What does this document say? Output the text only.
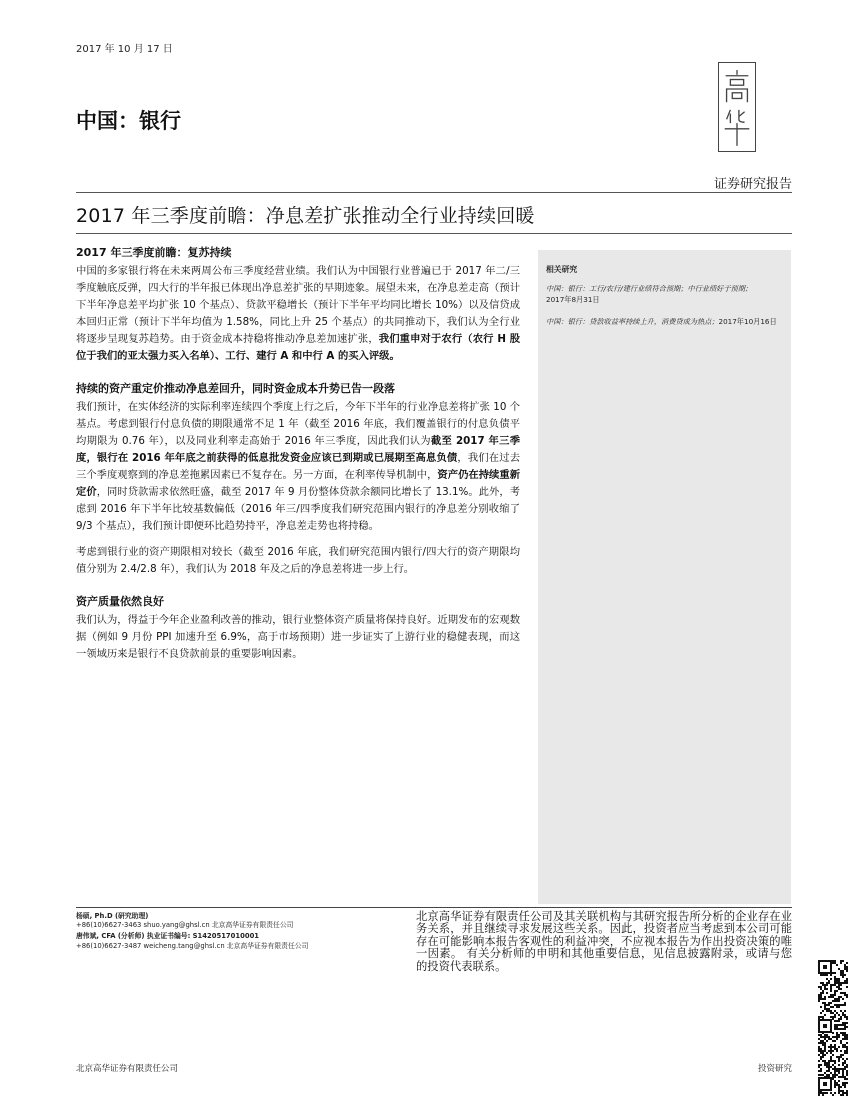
2017 年 10 月 17 日
中国：银行
证券研究报告
2017 年三季度前瞻：净息差扩张推动全行业持续回暖
2017 年三季度前瞻：复苏持续

中国的多家银行将在未来两周公布三季度经营业绩。我们认为中国银行业普遍已于 2017 年二/三季度触底反弹，四大行的半年报已体现出净息差扩张的早期迹象。展望未来，在净息差走高（预计下半年净息差平均扩张 10 个基点）、贷款平稳增长（预计下半年平均同比增长 10%）以及信贷成本回归正常（预计下半年均值为 1.58%，同比上升 25 个基点）的共同推动下，我们认为全行业将逐步呈现复苏趋势。由于资金成本持稳将推动净息差加速扩张，我们重申对于农行（农行 H 股位于我们的亚太强力买入名单）、工行、建行 A 和中行 A 的买入评级。

持续的资产重定价推动净息差回升，同时资金成本升势已告一段落

我们预计，在实体经济的实际利率连续四个季度上行之后，今年下半年的行业净息差将扩张 10 个基点。考虑到银行付息负债的期限通常不足 1 年（截至 2016 年底，我们覆盖银行的付息负债平均期限为 0.76 年），以及同业利率走高始于 2016 年三季度，因此我们认为截至 2017 年三季度，银行在 2016 年年底之前获得的低息批发资金应该已到期或已展期至高息负债，我们在过去三个季度观察到的净息差拖累因素已不复存在。另一方面，在利率传导机制中，资产仍在持续重新定价，同时贷款需求依然旺盛，截至 2017 年 9 月份整体贷款余额同比增长了 13.1%。此外，考虑到 2016 年下半年比较基数偏低（2016 年三/四季度我们研究范围内银行的净息差分别收缩了 9/3 个基点），我们预计即便环比趋势持平，净息差走势也将持稳。

考虑到银行业的资产期限相对较长（截至 2016 年底，我们研究范围内银行/四大行的资产期限均值分别为 2.4/2.8 年），我们认为 2018 年及之后的净息差将进一步上行。

资产质量依然良好

我们认为，得益于今年企业盈利改善的推动，银行业整体资产质量将保持良好。近期发布的宏观数据（例如 9 月份 PPI 加速升至 6.9%，高于市场预期）进一步证实了上游行业的稳健表现，而这一领域历来是银行不良贷款前景的重要影响因素。

相关研究
中国：银行：工行/农行/建行业绩符合预期；中行业绩好于预期；
2017年8月31日
中国：银行：贷款收益率持续上升，消费贷成为热点；2017年10月16日
杨硕, Ph.D (研究助理)
+86(10)6627-3463 shuo.yang@ghsl.cn 北京高华证券有限责任公司
唐伟斌, CFA (分析师) 执业证书编号: S1420517010001
+86(10)6627-3487 weicheng.tang@ghsl.cn 北京高华证券有限责任公司
北京高华证券有限责任公司及其关联机构与其研究报告所分析的企业存在业务关系，并且继续寻求发展这些关系。因此，投资者应当考虑到本公司可能存在可能影响本报告客观性的利益冲突，不应视本报告为作出投资决策的唯一因素。 有关分析师的申明和其他重要信息，见信息披露附录，或请与您的投资代表联系。
北京高华证券有限责任公司	投资研究
